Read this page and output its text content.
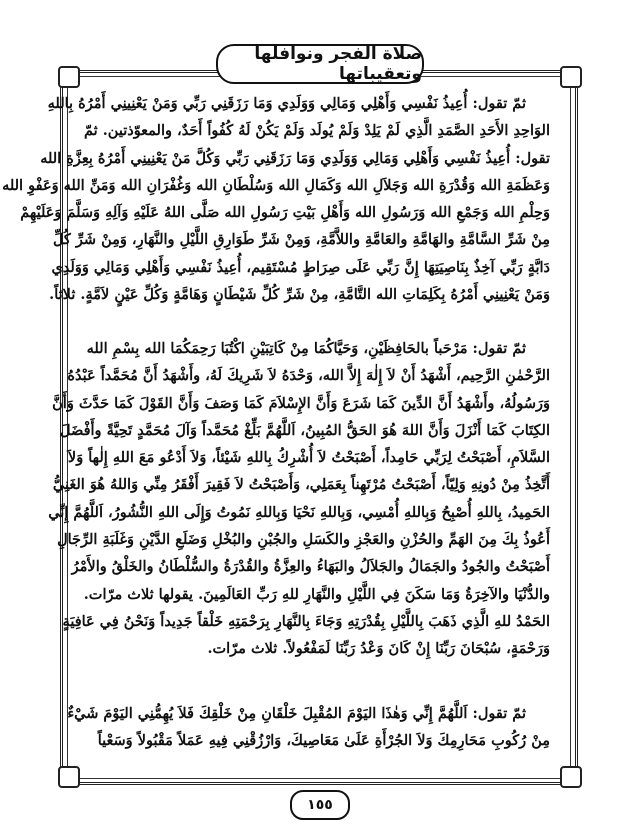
صلاة الفجر ونوافلها وتعقيباتها
ثمّ تقول: أُعِيذُ نَفْسِي وَأَهْلِي وَمَالِي وَوَلَدِي وَمَا رَزَقَنِي رَبِّي وَمَنْ يَعْنِينِي أَمْرُهُ بِاللهِ
الوَاحِدِ الأَحَدِ الصَّمَدِ الَّذِي لَمْ يَلِدْ وَلَمْ يُولَد وَلَمْ يَكُنْ لَهُ كُفُواً أَحَدٌ، والمعوّذتين. ثمّ
تقول: أُعِيذُ نَفْسِي وَأَهْلِي وَمَالِي وَوَلَدِي وَمَا رَزَقَنِي رَبِّي وَكُلَّ مَنْ يَعْنِينِي أَمْرُهُ بِعِزَّةِ الله
وَعَظَمَةِ الله وَقُدْرَةِ الله وَجَلاَلِ الله وَكَمَالِ الله وَسُلْطَانِ الله وَغُفْرَانِ الله وَمَنِّ الله وَعَفْوِ الله
وَحِلْمِ الله وَجَمْعِ الله وَرَسُولِ الله وَأَهْلِ بَيْتِ رَسُولِ الله صَلَّى اللهُ عَلَيْهِ وَآلِهِ وَسَلَّمَ وَعَلَيْهِمْ
مِنْ شَرِّ السَّامَّةِ والهَامَّةِ والعَامَّةِ واللاَّمَّةِ، وَمِنْ شَرِّ طَوَارِقِ اللَّيْلِ والنَّهَارِ، وَمِنْ شَرِّ كُلِّ
دَابَّةٍ رَبِّي آخِذٌ بِنَاصِيَتِهَا إِنَّ رَبِّي عَلَى صِرَاطٍ مُسْتَقِيم، أُعِيذُ نَفْسِي وَأَهْلِي وَمَالِي وَوَلَدِي
وَمَنْ يَعْنِينِي أَمْرُهُ بِكَلِمَاتِ الله التَّامَّةِ، مِنْ شَرِّ كُلِّ شَيْطَانٍ وَهَامَّةٍ وَكُلِّ عَيْنٍ لاَمَّةٍ. ثلاثاً.
ثمّ تقول: مَرْحَباً بالحَافِظَيْنِ، وَحَيَّاكُمَا مِنْ كَاتِبَيْنِ اكْتُبَا رَحِمَكُمَا الله بِسْمِ الله
الرَّحْمٰنِ الرَّحِيم، أَشْهَدُ أَنْ لاَ إِلٰهَ إِلاَّ الله، وَحْدَهُ لاَ شَرِيكَ لَهُ، وأَشْهَدُ أَنَّ مُحَمَّداً عَبْدُهُ
وَرَسُولُهُ، وأَشْهَدُ أَنَّ الدِّينَ كَمَا شَرَعَ وَأَنَّ الإِسْلاَمَ كَمَا وَصَفَ وَأَنَّ القَوْلَ كَمَا حَدَّثَ وَأَنَّ
الكِتَابَ كَمَا أَنْزَلَ وَأَنَّ اللهَ هُوَ الحَقُّ المُبِينُ، اَللَّهُمَّ بَلِّغْ مُحَمَّداً وَآلَ مُحَمَّدٍ تَحِيَّةً وأَفْضَلَ
السَّلاَمِ، أَصْبَحْتُ لِرَبِّي حَامِداً، أَصْبَحْتُ لاَ أُشْرِكُ بِاللهِ شَيْئاً، وَلاَ أَدْعُو مَعَ اللهِ إِلٰهاً وَلاَ
أَتَّخِذُ مِنْ دُونِهِ وَلِيّاً، أَصْبَحْتُ مُرْتَهِناً بِعَمَلِي، وَأَصْبَحْتُ لاَ فَقِيرَ أَفْقَرُ مِنِّي وَاللهُ هُوَ الغَنِيُّ
الحَمِيدُ، بِاللهِ أُصْبِحُ وَبِاللهِ أُمْسِي، وَبِاللهِ نَحْيَا وَبِاللهِ نَمُوتُ وَإِلَى اللهِ النُّشُورُ، اَللَّهُمَّ إِنِّي
أَعُوذُ بِكَ مِنَ الهَمِّ والحُزْنِ والعَجْزِ والكَسَلِ والجُبْنِ والبُخْلِ وَضَلَعِ الدَّيْنِ وَغَلَبَةِ الرِّجَالِ
أَصْبَحْتُ والجُودُ والجَمَالُ والجَلاَلُ والبَهَاءُ والعِزَّةُ والقُدْرَةُ والسُّلْطَانُ والخَلْقُ والأَمْرُ
والدُّنْيَا والآخِرَةُ وَمَا سَكَنَ فِي اللَّيْلِ والنَّهَارِ للهِ رَبِّ العَالَمِينَ. يقولها ثلاث مرّات.
الحَمْدُ للهِ الَّذِي ذَهَبَ بِاللَّيْلِ بِقُدْرَتِهِ وَجَاءَ بِالنَّهَارِ بِرَحْمَتِهِ خَلْقاً جَدِيداً وَنَحْنُ فِي عَافِيَةٍ
وَرَحْمَةٍ، سُبْحَانَ رَبِّنَا إِنْ كَانَ وَعْدُ رَبِّنَا لَمَفْعُولاً. ثلاث مرّات.
ثمّ تقول: اَللَّهُمَّ إِنِّي وَهٰذَا اليَوْمَ المُقْبِلَ خَلْقَانِ مِنْ خَلْقِكَ فَلاَ يُهِمُّنِي اليَوْمَ شَيْءٌ
مِنْ رُكُوبِ مَحَارِمِكَ وَلاَ الجُرْأَةِ عَلَىٰ مَعَاصِيكَ، وَارْزُقْنِي فِيهِ عَمَلاً مَقْبُولاً وَسَعْياً
١٥٥
